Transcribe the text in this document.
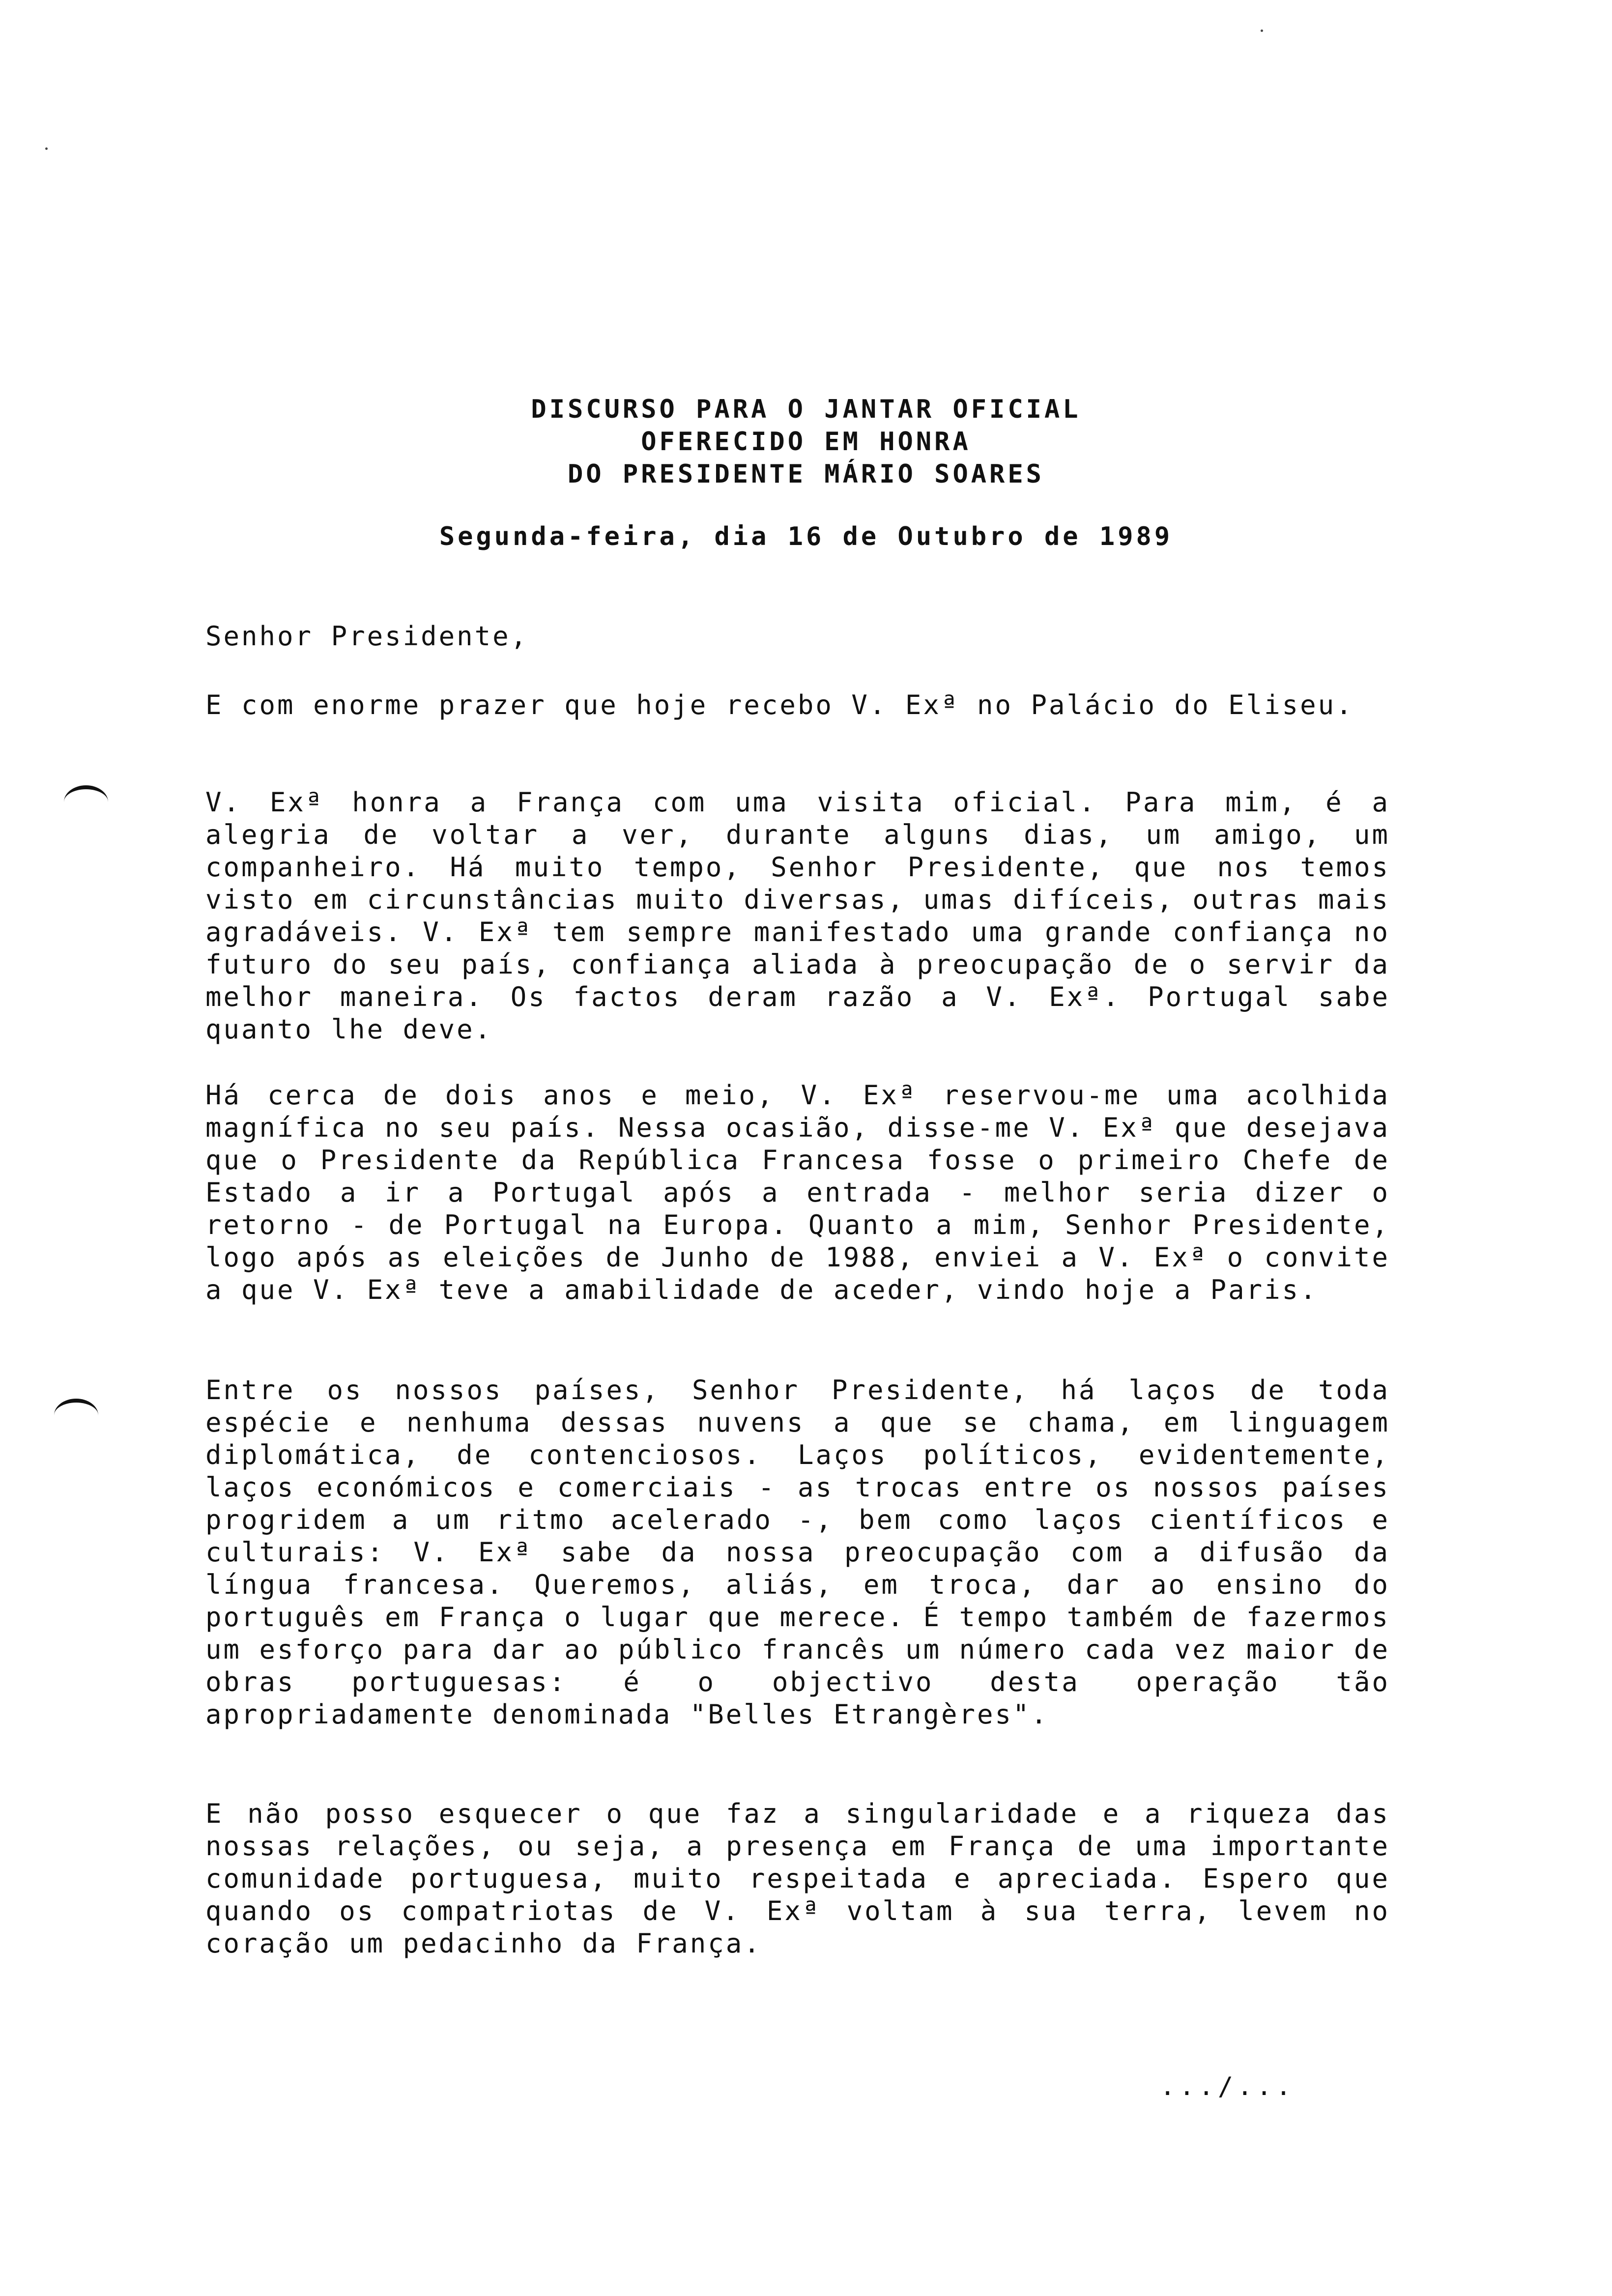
DISCURSO PARA O JANTAR OFICIAL
OFERECIDO EM HONRA
DO PRESIDENTE MÁRIO SOARES
Segunda-feira, dia 16 de Outubro de 1989
Senhor Presidente,
E com enorme prazer que hoje recebo V. Exª no Palácio do Eliseu.
V. Exª honra a França com uma visita oficial. Para mim, é a alegria de voltar a ver, durante alguns dias, um amigo, um companheiro. Há muito tempo, Senhor Presidente, que nos temos visto em circunstâncias muito diversas, umas difíceis, outras mais agradáveis. V. Exª tem sempre manifestado uma grande confiança no futuro do seu país, confiança aliada à preocupação de o servir da melhor maneira. Os factos deram razão a V. Exª. Portugal sabe quanto lhe deve.
Há cerca de dois anos e meio, V. Exª reservou-me uma acolhida magnífica no seu país. Nessa ocasião, disse-me V. Exª que desejava que o Presidente da República Francesa fosse o primeiro Chefe de Estado a ir a Portugal após a entrada - melhor seria dizer o retorno - de Portugal na Europa. Quanto a mim, Senhor Presidente, logo após as eleições de Junho de 1988, enviei a V. Exª o convite a que V. Exª teve a amabilidade de aceder, vindo hoje a Paris.
Entre os nossos países, Senhor Presidente, há laços de toda espécie e nenhuma dessas nuvens a que se chama, em linguagem diplomática, de contenciosos. Laços políticos, evidentemente, laços económicos e comerciais - as trocas entre os nossos países progridem a um ritmo acelerado -, bem como laços científicos e culturais: V. Exª sabe da nossa preocupação com a difusão da língua francesa. Queremos, aliás, em troca, dar ao ensino do português em França o lugar que merece. É tempo também de fazermos um esforço para dar ao público francês um número cada vez maior de obras portuguesas: é o objectivo desta operação tão apropriadamente denominada "Belles Etrangères".
E não posso esquecer o que faz a singularidade e a riqueza das nossas relações, ou seja, a presença em França de uma importante comunidade portuguesa, muito respeitada e apreciada. Espero que quando os compatriotas de V. Exª voltam à sua terra, levem no coração um pedacinho da França.
.../...
